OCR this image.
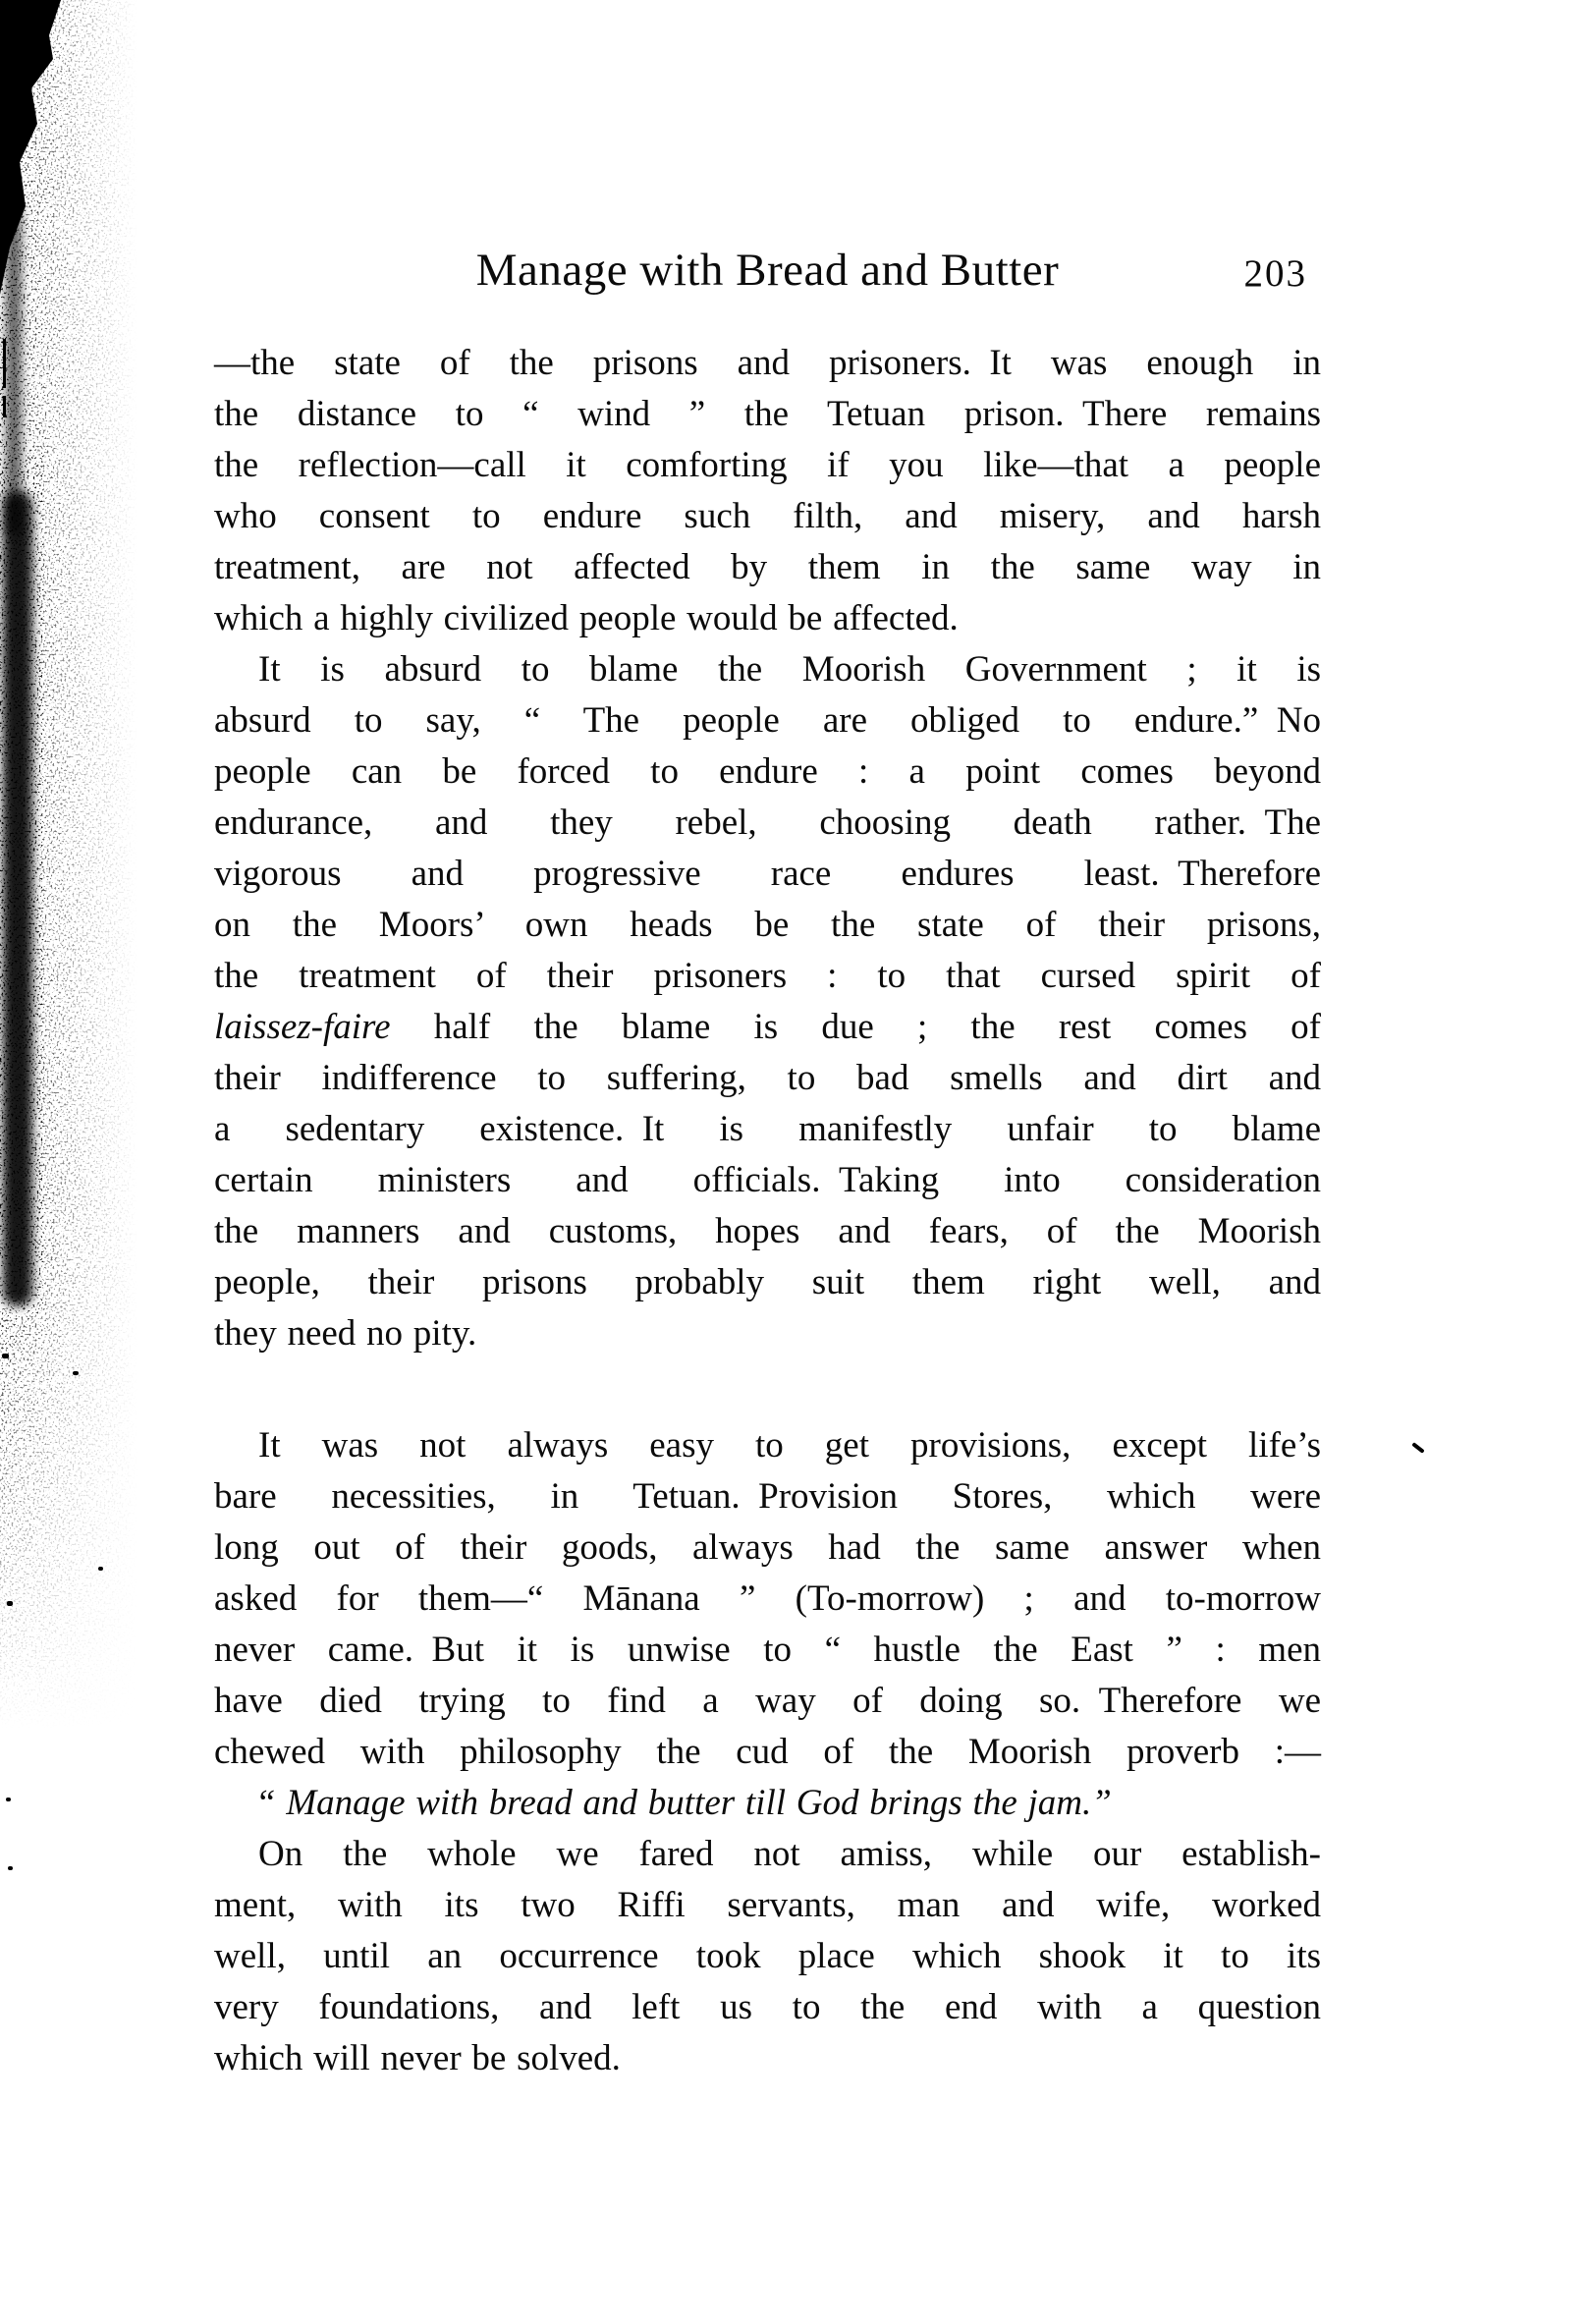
Manage with Bread and Butter	203
—the state of the prisons and prisoners. It was enough in
the distance to “ wind ” the Tetuan prison. There remains
the reflection—call it comforting if you like—that a people
who consent to endure such filth, and misery, and harsh
treatment, are not affected by them in the same way in
which a highly civilized people would be affected.
It is absurd to blame the Moorish Government ; it is
absurd to say, “ The people are obliged to endure.” No
people can be forced to endure : a point comes beyond
endurance, and they rebel, choosing death rather. The
vigorous and progressive race endures least. Therefore
on the Moors’ own heads be the state of their prisons,
the treatment of their prisoners : to that cursed spirit of
laissez-faire half the blame is due ; the rest comes of
their indifference to suffering, to bad smells and dirt and
a sedentary existence. It is manifestly unfair to blame
certain ministers and officials. Taking into consideration
the manners and customs, hopes and fears, of the Moorish
people, their prisons probably suit them right well, and
they need no pity.
It was not always easy to get provisions, except life’s
bare necessities, in Tetuan. Provision Stores, which were
long out of their goods, always had the same answer when
asked for them—“ Mānana ” (To-morrow) ; and to-morrow
never came. But it is unwise to “ hustle the East ” : men
have died trying to find a way of doing so. Therefore we
chewed with philosophy the cud of the Moorish proverb :—
“ Manage with bread and butter till God brings the jam.”
On the whole we fared not amiss, while our establish-
ment, with its two Riffi servants, man and wife, worked
well, until an occurrence took place which shook it to its
very foundations, and left us to the end with a question
which will never be solved.
